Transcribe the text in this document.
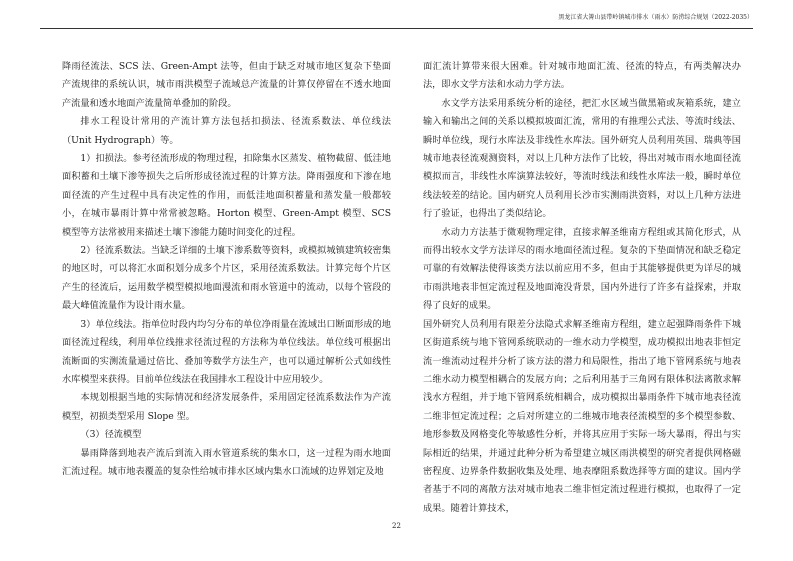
黑龙江省大箐山县带岭镇城市排水（雨水）防涝综合规划（2022-2035）

降雨径流法、SCS 法、Green-Ampt 法等，但由于缺乏对城市地区复杂下垫面产流规律的系统认识，城市雨洪模型子流域总产流量的计算仅停留在不透水地面产流量和透水地面产流量简单叠加的阶段。

排水工程设计常用的产流计算方法包括扣损法、径流系数法、单位线法（Unit Hydrograph）等。

1）扣损法。参考径流形成的物理过程，扣除集水区蒸发、植物截留、低洼地面积蓄和土壤下渗等损失之后所形成径流过程的计算方法。降雨强度和下渗在地面径流的产生过程中具有决定性的作用，而低洼地面积蓄量和蒸发量一般都较小，在城市暴雨计算中常常被忽略。Horton 模型、Green-Ampt 模型、SCS 模型等方法常被用来描述土壤下渗能力随时间变化的过程。

2）径流系数法。当缺乏详细的土壤下渗系数等资料，或模拟城镇建筑较密集的地区时，可以将汇水面积划分成多个片区，采用径流系数法。计算完每个片区产生的径流后，运用数学模型模拟地面漫流和雨水管道中的流动，以每个管段的最大峰值流量作为设计雨水量。

3）单位线法。指单位时段内均匀分布的单位净雨量在流域出口断面形成的地面径流过程线，利用单位线推求径流过程的方法称为单位线法。单位线可根据出流断面的实测流量通过倍比、叠加等数学方法生产，也可以通过解析公式如线性水库模型来获得。目前单位线法在我国排水工程设计中应用较少。

本规划根据当地的实际情况和经济发展条件，采用固定径流系数法作为产流模型，初损类型采用 Slope 型。

（3）径流模型

暴雨降落到地表产流后到流入雨水管道系统的集水口，这一过程为雨水地面汇流过程。城市地表覆盖的复杂性给城市排水区域内集水口流域的边界划定及地

面汇流计算带来很大困难。针对城市地面汇流、径流的特点，有两类解决办法，即水文学方法和水动力学方法。

水文学方法采用系统分析的途径，把汇水区域当做黑箱或灰箱系统，建立输入和输出之间的关系以模拟坡面汇流，常用的有推理公式法、等流时线法、瞬时单位线，现行水库法及非线性水库法。国外研究人员利用英国、瑞典等国城市地表径流观测资料，对以上几种方法作了比较，得出对城市雨水地面径流模拟而言，非线性水库演算法较好，等流时线法和线性水库法一般，瞬时单位线法较差的结论。国内研究人员利用长沙市实测雨洪资料，对以上几种方法进行了验证，也得出了类似结论。

水动力方法基于微观物理定律，直接求解圣维南方程组或其简化形式，从而得出较水文学方法详尽的雨水地面径流过程。复杂的下垫面情况和缺乏稳定可靠的有效解法使得该类方法以前应用不多，但由于其能够提供更为详尽的城市雨洪地表非恒定流过程及地面淹没背景，国内外进行了许多有益探索，并取得了良好的成果。

国外研究人员利用有限差分法隐式求解圣维南方程组，建立起强降雨条件下城区街道系统与地下管网系统联动的一维水动力学模型，成功模拟出地表非恒定流一维流动过程并分析了该方法的潜力和局限性，指出了地下管网系统与地表二维水动力模型相耦合的发展方向；之后利用基于三角网有限体积法离散求解浅水方程组，并于地下管网系统相耦合，成功模拟出暴雨条件下城市地表径流二维非恒定流过程；之后对所建立的二维城市地表径流模型的多个模型参数、地形参数及网格变化等敏感性分析，并将其应用于实际一场大暴雨，得出与实际相近的结果，并通过此种分析为希望建立城区雨洪模型的研究者提供网格磁密程度、边界条件数据收集及处理、地表摩阻系数选择等方面的建议。国内学者基于不同的离散方法对城市地表二维非恒定流过程进行模拟，也取得了一定成果。随着计算技术，

22
